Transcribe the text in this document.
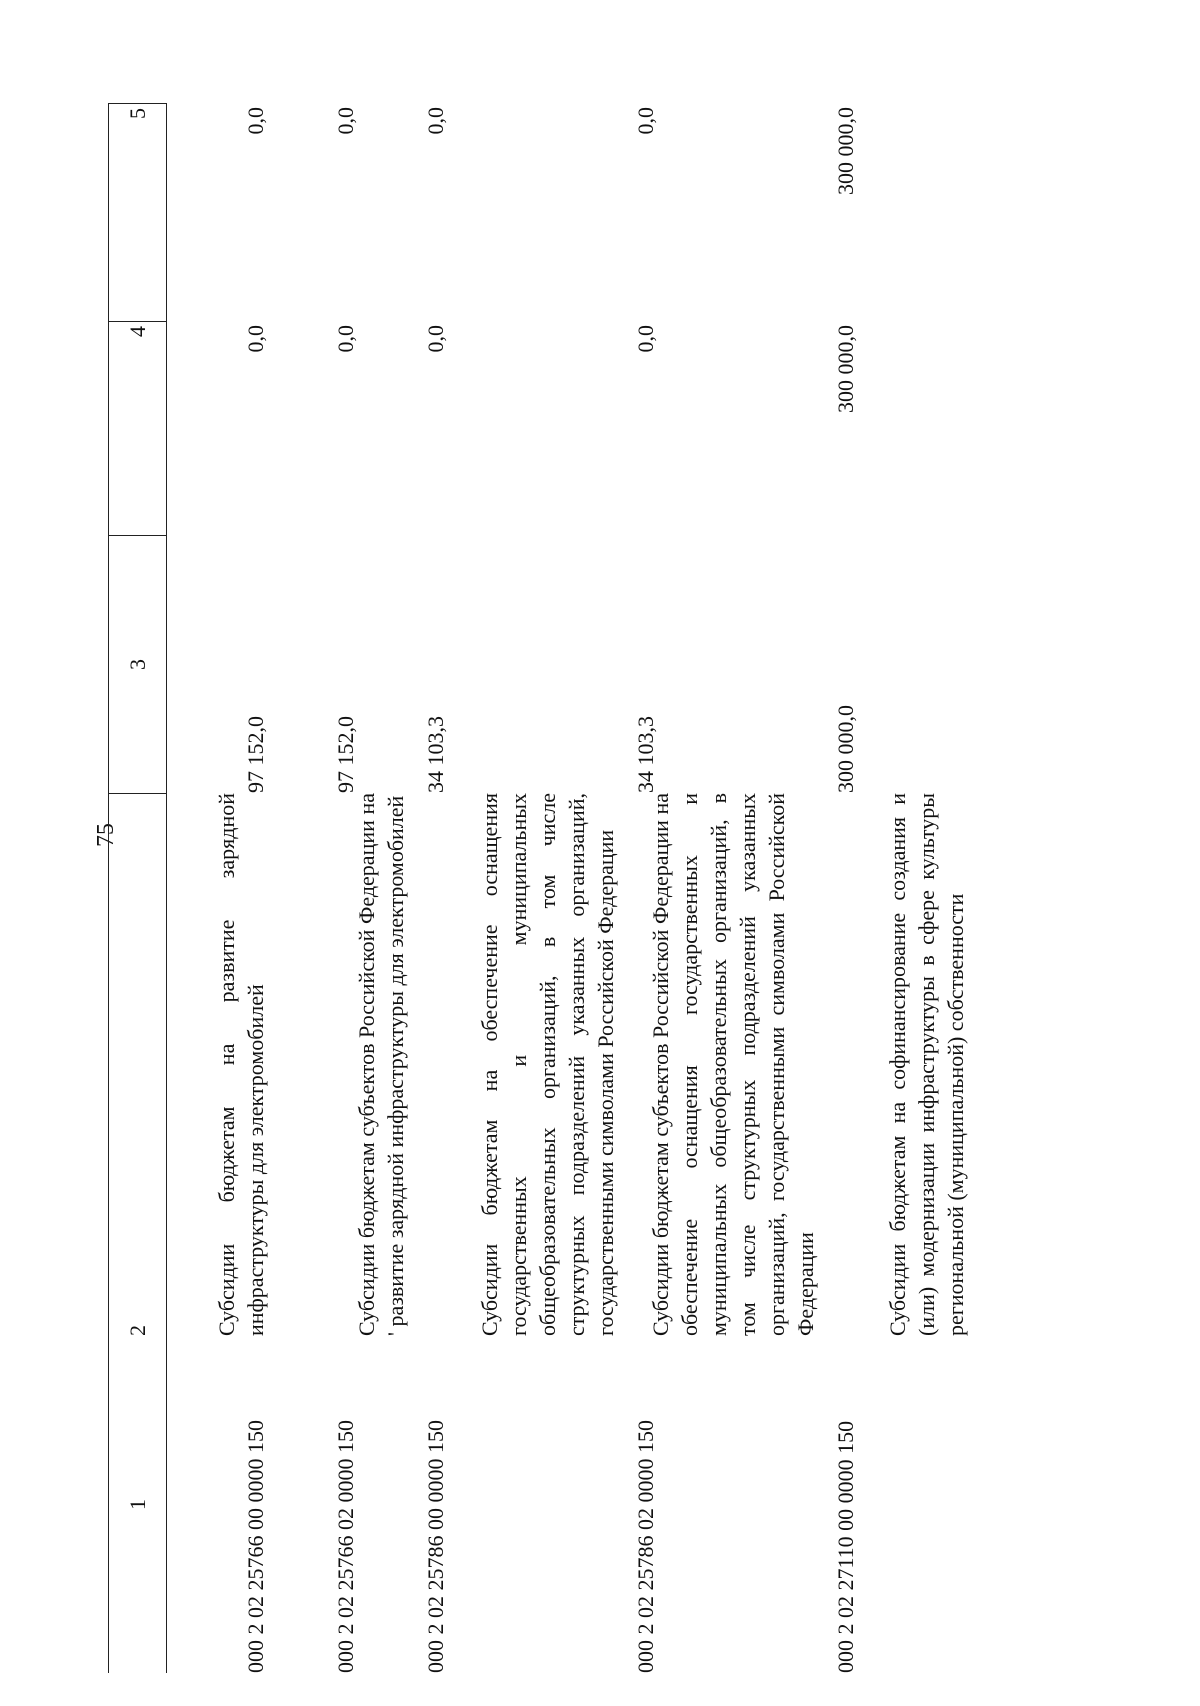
75
1
2
3
4
5
000 2 02 25766 00 0000 150
Субсидии бюджетам на развитие зарядной инфраструктуры для электромобилей
97 152,0
0,0
0,0
000 2 02 25766 02 0000 150
Субсидии бюджетам субъектов Российской Федерации на ' развитие зарядной инфраструктуры для электромобилей
97 152,0
0,0
0,0
000 2 02 25786 00 0000 150
Субсидии бюджетам на обеспечение оснащения государственных и муниципальных общеобразовательных организаций, в том числе структурных подразделений указанных организаций, государственными символами Российской Федерации
34 103,3
0,0
0,0
000 2 02 25786 02 0000 150
Субсидии бюджетам субъектов Российской Федерации на обеспечение оснащения государственных и муниципальных общеобразовательных организаций, в том числе структурных подразделений указанных организаций, государственными символами Российской Федерации
34 103,3
0,0
0,0
000 2 02 27110 00 0000 150
Субсидии бюджетам на софинансирование создания и (или) модернизации инфраструктуры в сфере культуры региональной (муниципальной) собственности
300 000,0
300 000,0
300 000,0
